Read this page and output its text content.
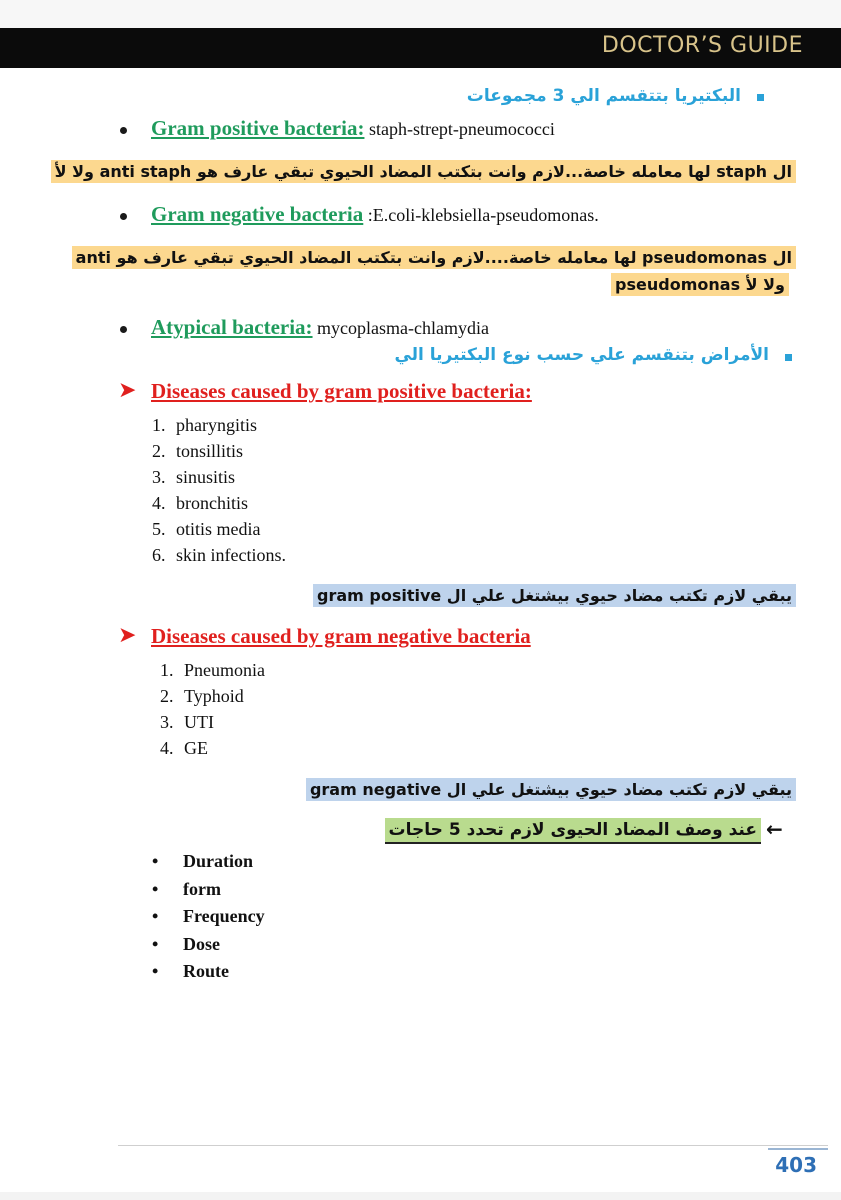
DOCTOR’S GUIDE
البكتيريا بتتقسم الي 3 مجموعات
Gram positive bacteria: staph-strept-pneumococci
ال staph لها معامله خاصة...لازم وانت بتكتب المضاد الحيوي تبقي عارف هو anti staph ولا لأ
Gram negative bacteria :E.coli-klebsiella-pseudomonas.
ال pseudomonas لها معامله خاصة....لازم وانت بتكتب المضاد الحيوي تبقي عارف هو anti
pseudomonas ولا لأ
Atypical bacteria: mycoplasma-chlamydia
الأمراض بتنقسم علي حسب نوع البكتيريا الي
➤ Diseases caused by gram positive bacteria:
1. pharyngitis
2. tonsillitis
3. sinusitis
4. bronchitis
5. otitis media
6. skin infections.
يبقي لازم تكتب مضاد حيوي بيشتغل علي ال gram positive
➤ Diseases caused by gram negative bacteria
1. Pneumonia
2. Typhoid
3. UTI
4. GE
يبقي لازم تكتب مضاد حيوي بيشتغل علي ال gram negative
←
عند وصف المضاد الحيوى لازم تحدد 5 حاجات
• Duration
• form
• Frequency
• Dose
• Route
403
